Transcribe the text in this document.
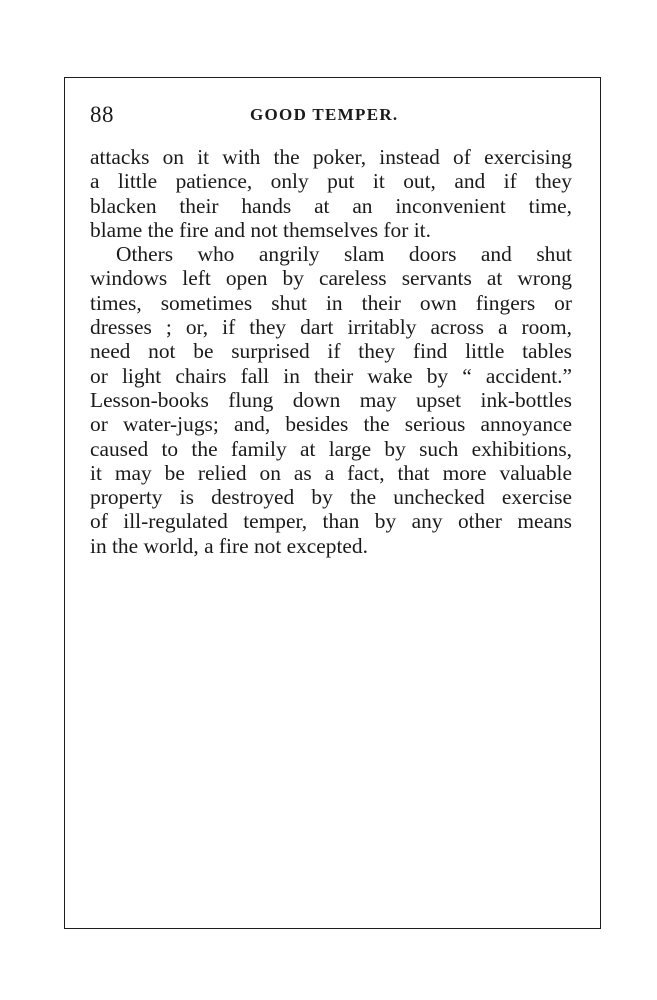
88	GOOD TEMPER.
attacks on it with the poker, instead of exercising
a little patience, only put it out, and if they
blacken their hands at an inconvenient time,
blame the fire and not themselves for it.
Others who angrily slam doors and shut
windows left open by careless servants at wrong
times, sometimes shut in their own fingers or
dresses ; or, if they dart irritably across a room,
need not be surprised if they find little tables
or light chairs fall in their wake by “ accident.”
Lesson-books flung down may upset ink-bottles
or water-jugs; and, besides the serious annoyance
caused to the family at large by such exhibitions,
it may be relied on as a fact, that more valuable
property is destroyed by the unchecked exercise
of ill-regulated temper, than by any other means
in the world, a fire not excepted.
